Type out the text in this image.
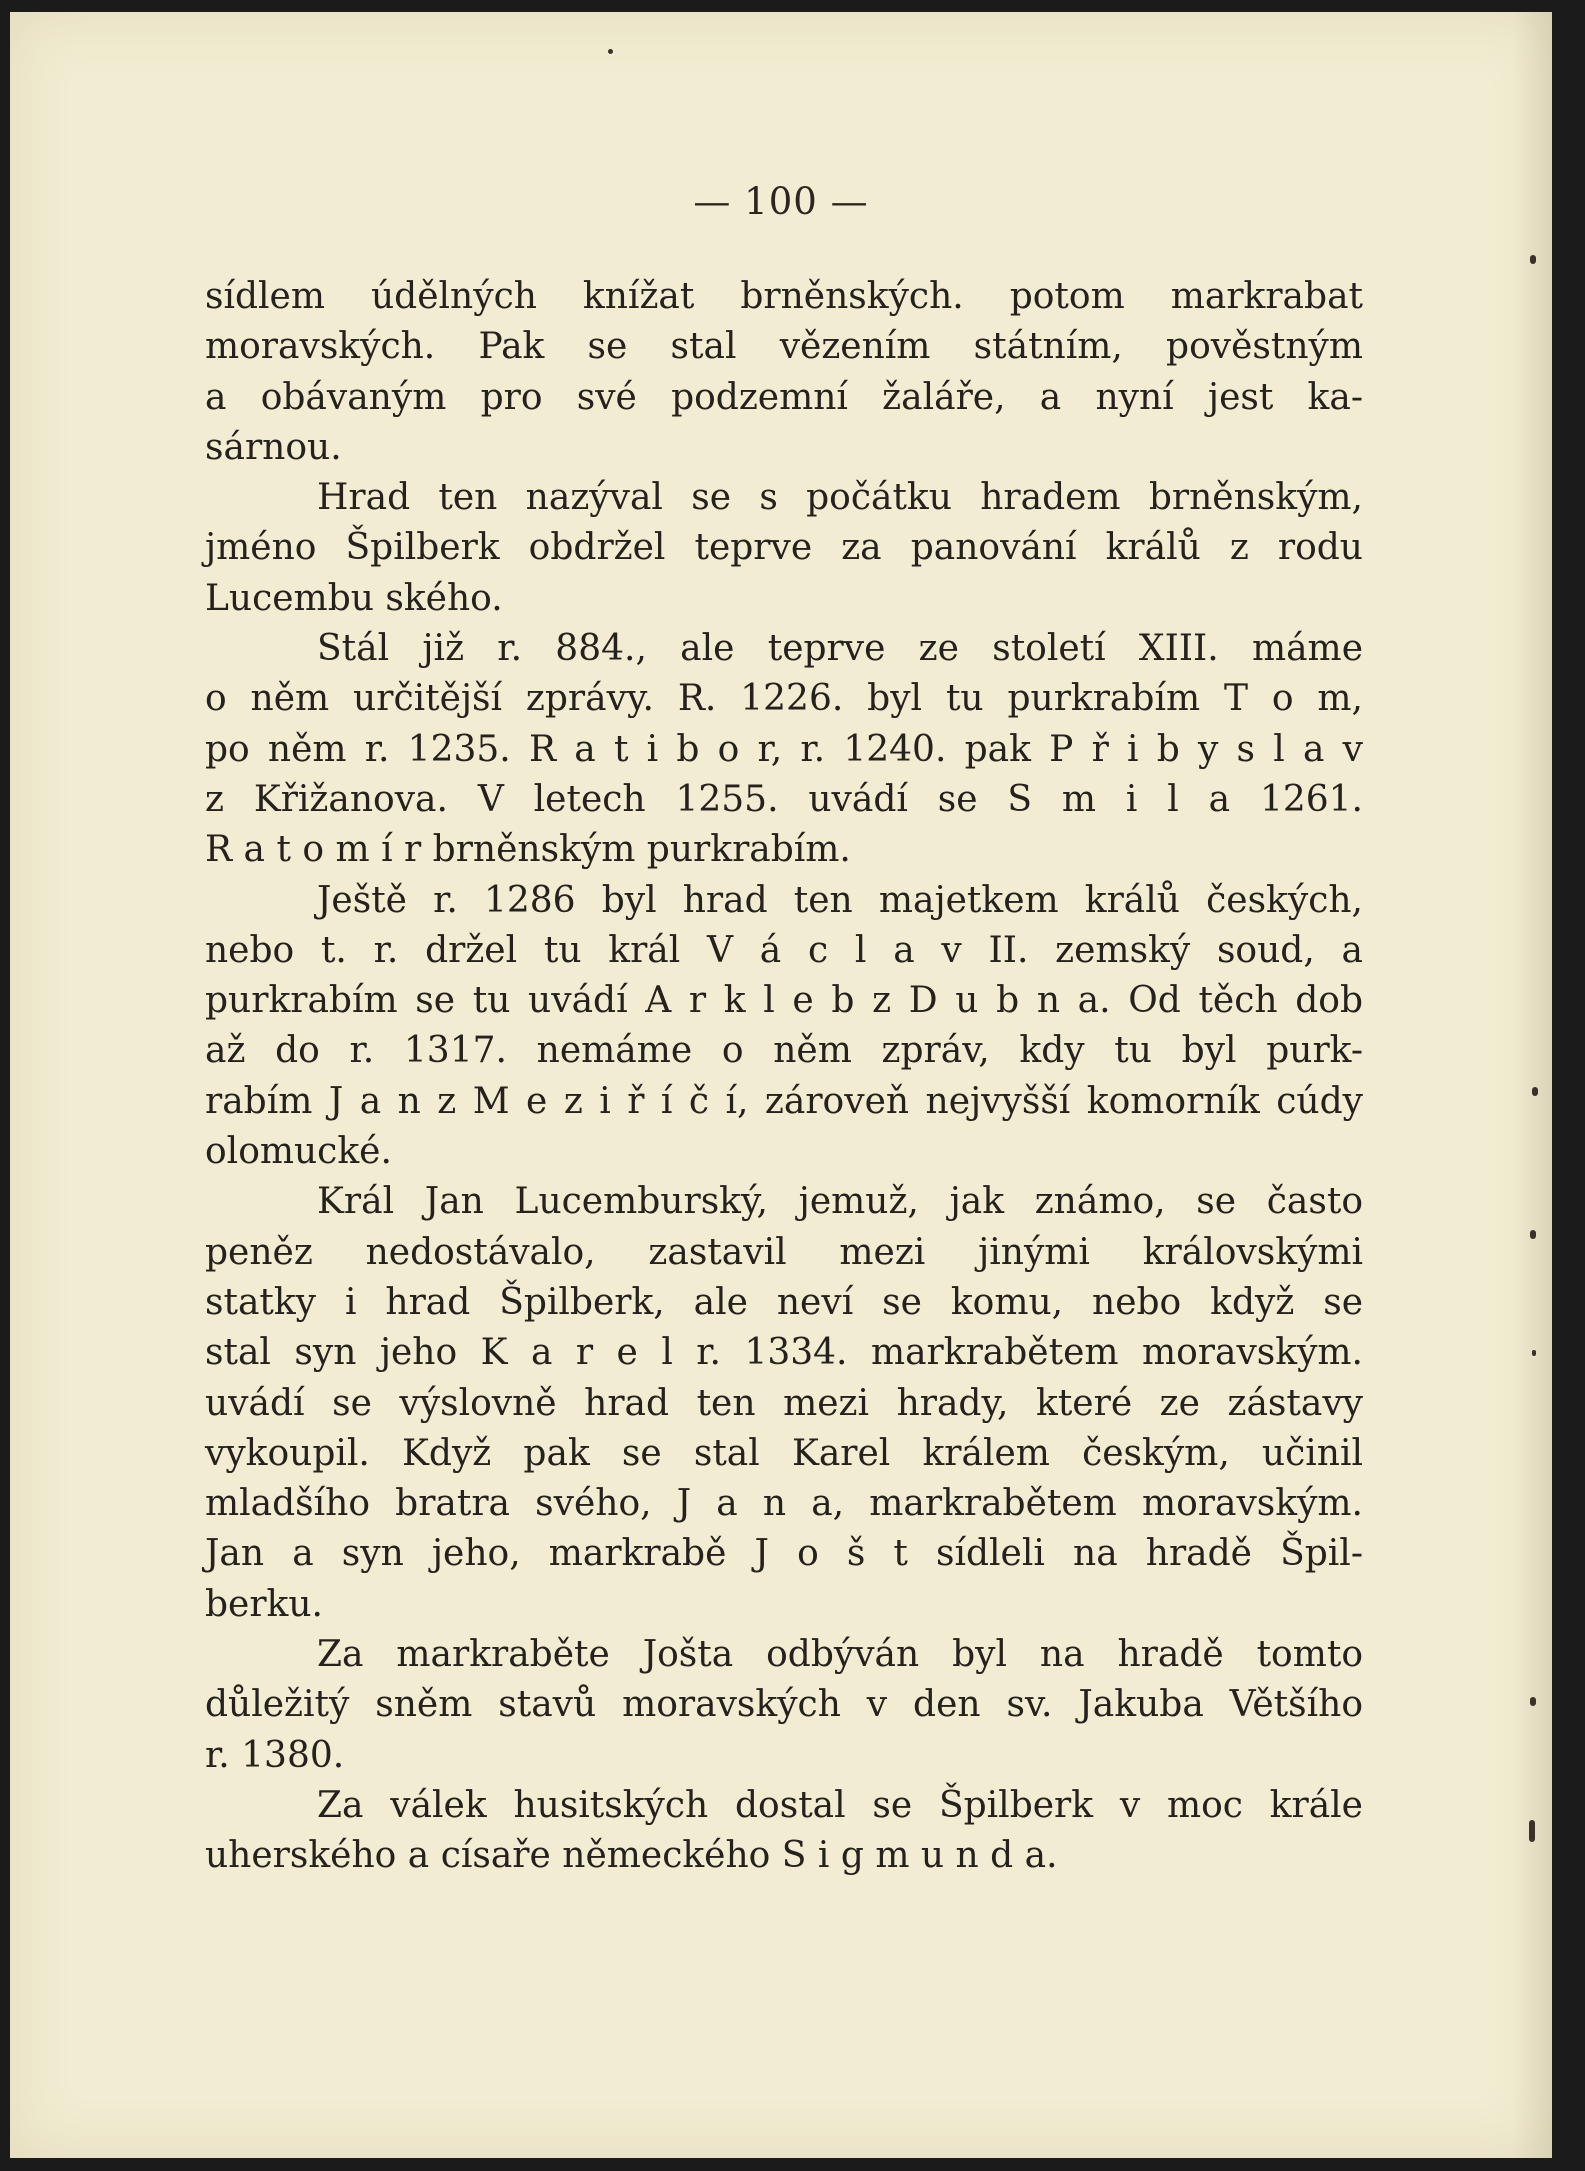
— 100 —
sídlem údělných knížat brněnských. potom markrabat
moravských. Pak se stal vězením státním, pověstným
a obávaným pro své podzemní žaláře, a nyní jest ka-
sárnou.
Hrad ten nazýval se s počátku hradem brněnským,
jméno Špilberk obdržel teprve za panování králů z rodu
Lucembu ského.
Stál již r. 884., ale teprve ze století XIII. máme
o něm určitější zprávy. R. 1226. byl tu purkrabím T o m,
po něm r. 1235. R a t i b o r, r. 1240. pak P ř i b y s l a v
z Křižanova. V letech 1255. uvádí se S m i l a 1261.
R a t o m í r brněnským purkrabím.
Ještě r. 1286 byl hrad ten majetkem králů českých,
nebo t. r. držel tu král V á c l a v II. zemský soud, a
purkrabím se tu uvádí A r k l e b z D u b n a. Od těch dob
až do r. 1317. nemáme o něm zpráv, kdy tu byl purk-
rabím J a n z M e z i ř í č í, zároveň nejvyšší komorník cúdy
olomucké.
Král Jan Lucemburský, jemuž, jak známo, se často
peněz nedostávalo, zastavil mezi jinými královskými
statky i hrad Špilberk, ale neví se komu, nebo když se
stal syn jeho K a r e l r. 1334. markrabětem moravským.
uvádí se výslovně hrad ten mezi hrady, které ze zástavy
vykoupil. Když pak se stal Karel králem českým, učinil
mladšího bratra svého, J a n a, markrabětem moravským.
Jan a syn jeho, markrabě J o š t sídleli na hradě Špil-
berku.
Za markraběte Jošta odbýván byl na hradě tomto
důležitý sněm stavů moravských v den sv. Jakuba Většího
r. 1380.
Za válek husitských dostal se Špilberk v moc krále
uherského a císaře německého S i g m u n d a.
